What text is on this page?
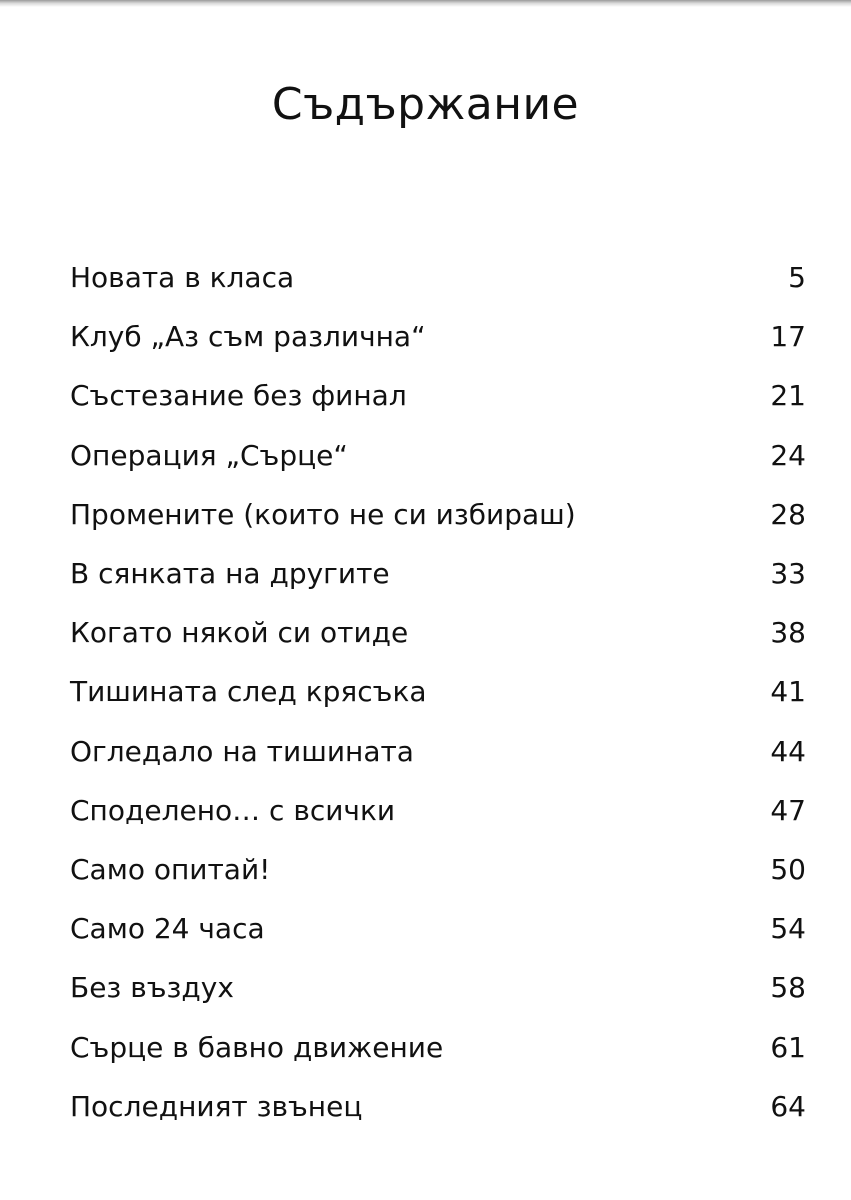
Съдържание
Новата в класа	5
Клуб „Аз съм различна“	17
Състезание без финал	21
Операция „Сърце“	24
Промените (които не си избираш)	28
В сянката на другите	33
Когато някой си отиде	38
Тишината след крясъка	41
Огледало на тишината	44
Споделено… с всички	47
Само опитай!	50
Само 24 часа	54
Без въздух	58
Сърце в бавно движение	61
Последният звънец	64
